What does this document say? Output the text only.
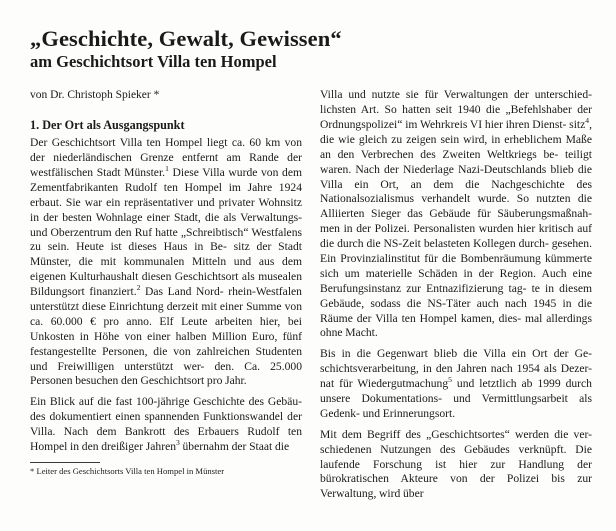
„Geschichte, Gewalt, Gewissen“
am Geschichtsort Villa ten Hompel

von Dr. Christoph Spieker *

1. Der Ort als Ausgangspunkt

Der Geschichtsort Villa ten Hompel liegt ca. 60 km von der niederländischen Grenze entfernt am Rande der westfälischen Stadt Münster.$^1$ Diese Villa wurde von dem Zementfabrikanten Rudolf ten Hompel im Jahre 1924 erbaut. Sie war ein repräsentativer und privater Wohnsitz in der besten Wohnlage einer Stadt, die als Verwaltungs- und Oberzentrum den Ruf hatte „Schreibtisch“ Westfalens zu sein. Heute ist dieses Haus in Be- sitz der Stadt Münster, die mit kommunalen Mitteln und aus dem eigenen Kulturhaushalt diesen Geschichtsort als musealen Bildungsort finanziert.$^2$ Das Land Nord- rhein-Westfalen unterstützt diese Einrichtung derzeit mit einer Summe von ca. 60.000 € pro anno. Elf Leute arbeiten hier, bei Unkosten in Höhe von einer halben Million Euro, fünf festangestellte Personen, die von zahlreichen Studenten und Freiwilligen unterstützt wer- den. Ca. 25.000 Personen besuchen den Geschichtsort pro Jahr.

Ein Blick auf die fast 100-jährige Geschichte des Gebäu- des dokumentiert einen spannenden Funktionswandel der Villa. Nach dem Bankrott des Erbauers Rudolf ten Hompel in den dreißiger Jahren$^3$ übernahm der Staat die

* Leiter des Geschichtsorts Villa ten Hompel in Münster

Villa und nutzte sie für Verwaltungen der unterschied- lichsten Art. So hatten seit 1940 die „Befehlshaber der Ordnungspolizei“ im Wehrkreis VI hier ihren Dienst- sitz$^4$, die wie gleich zu zeigen sein wird, in erheblichem Maße an den Verbrechen des Zweiten Weltkriegs be- teiligt waren. Nach der Niederlage Nazi-Deutschlands blieb die Villa ein Ort, an dem die Nachgeschichte des Nationalsozialismus verhandelt wurde. So nutzten die Alliierten Sieger das Gebäude für Säuberungsmaßnah- men in der Polizei. Personalisten wurden hier kritisch auf die durch die NS-Zeit belasteten Kollegen durch- gesehen. Ein Provinzialinstitut für die Bombenräumung kümmerte sich um materielle Schäden in der Region. Auch eine Berufungsinstanz zur Entnazifizierung tag- te in diesem Gebäude, sodass die NS-Täter auch nach 1945 in die Räume der Villa ten Hompel kamen, dies- mal allerdings ohne Macht.

Bis in die Gegenwart blieb die Villa ein Ort der Ge- schichtsverarbeitung, in den Jahren nach 1954 als Dezer- nat für Wiedergutmachung$^5$ und letztlich ab 1999 durch unsere Dokumentations- und Vermittlungsarbeit als Gedenk- und Erinnerungsort.

Mit dem Begriff des „Geschichtsortes“ werden die ver- schiedenen Nutzungen des Gebäudes verknüpft. Die laufende Forschung ist hier zur Handlung der bürokratischen Akteure von der Polizei bis zur Verwaltung, wird über
